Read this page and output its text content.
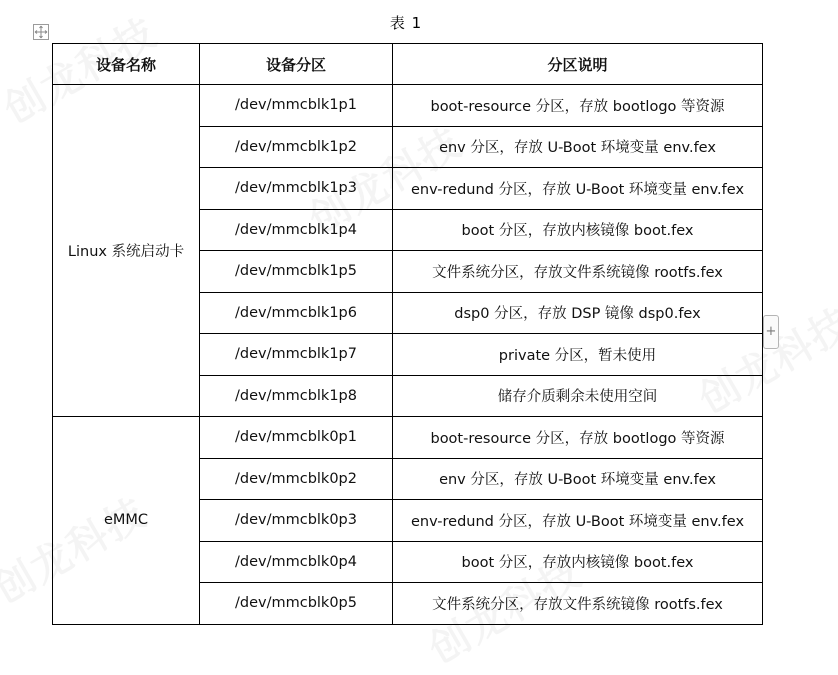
表 1
设备名称	设备分区	分区说明
Linux 系统启动卡	/dev/mmcblk1p1	boot-resource 分区，存放 bootlogo 等资源
	/dev/mmcblk1p2	env 分区，存放 U-Boot 环境变量 env.fex
	/dev/mmcblk1p3	env-redund 分区，存放 U-Boot 环境变量 env.fex
	/dev/mmcblk1p4	boot 分区，存放内核镜像 boot.fex
	/dev/mmcblk1p5	文件系统分区，存放文件系统镜像 rootfs.fex
	/dev/mmcblk1p6	dsp0 分区，存放 DSP 镜像 dsp0.fex
	/dev/mmcblk1p7	private 分区，暂未使用
	/dev/mmcblk1p8	储存介质剩余未使用空间
eMMC	/dev/mmcblk0p1	boot-resource 分区，存放 bootlogo 等资源
	/dev/mmcblk0p2	env 分区，存放 U-Boot 环境变量 env.fex
	/dev/mmcblk0p3	env-redund 分区，存放 U-Boot 环境变量 env.fex
	/dev/mmcblk0p4	boot 分区，存放内核镜像 boot.fex
	/dev/mmcblk0p5	文件系统分区，存放文件系统镜像 rootfs.fex
+
